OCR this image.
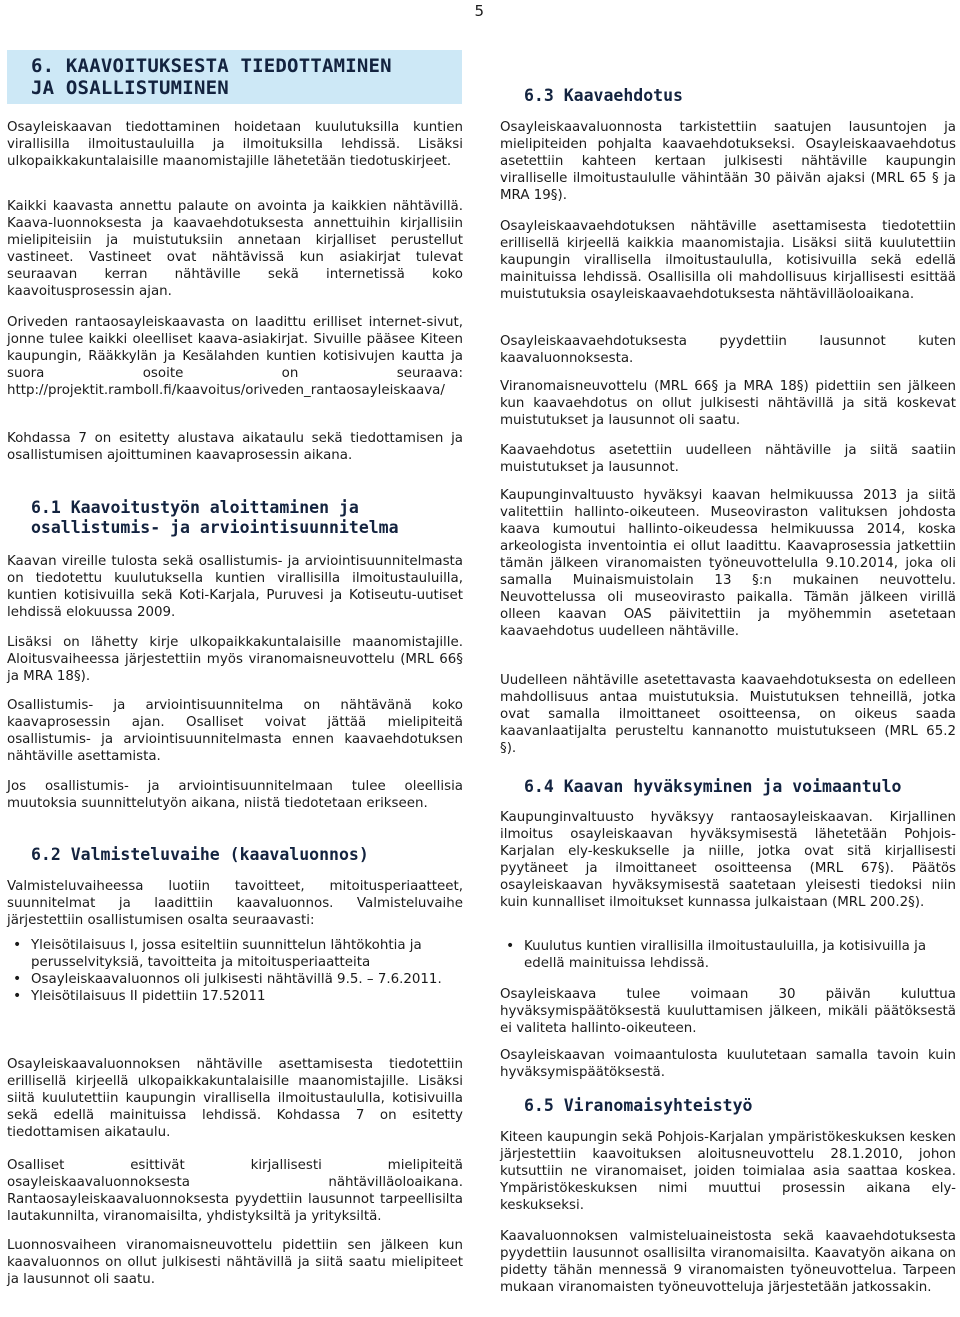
5
6. KAAVOITUKSESTA TIEDOTTAMINEN
JA OSALLISTUMINEN

Osayleiskaavan tiedottaminen hoidetaan kuulutuksilla kuntien virallisilla ilmoitustauluilla ja ilmoituksilla lehdissä. Lisäksi ulkopaikkakuntalaisille maanomistajille lähetetään tiedotuskirjeet.

Kaikki kaavasta annettu palaute on avointa ja kaikkien nähtävillä. Kaava-luonnoksesta ja kaavaehdotuksesta annettuihin kirjallisiin mielipiteisiin ja muistutuksiin annetaan kirjalliset perustellut vastineet. Vastineet ovat nähtävissä kun asiakirjat tulevat seuraavan kerran nähtäville sekä internetissä koko kaavoitusprosessin ajan.

Oriveden rantaosayleiskaavasta on laadittu erilliset internet-sivut, jonne tulee kaikki oleelliset kaava-asiakirjat. Sivuille pääsee Kiteen kaupungin, Rääkkylän ja Kesälahden kuntien kotisivujen kautta ja suora osoite on seuraava: http://projektit.ramboll.fi/kaavoitus/oriveden_rantaosayleiskaava/

Kohdassa 7 on esitetty alustava aikataulu sekä tiedottamisen ja osallistumisen ajoittuminen kaavaprosessin aikana.

6.1 Kaavoitustyön aloittaminen ja osallistumis- ja arviointisuunnitelma

Kaavan vireille tulosta sekä osallistumis- ja arviointisuunnitelmasta on tiedotettu kuulutuksella kuntien virallisilla ilmoitustauluilla, kuntien kotisivuilla sekä Koti-Karjala, Puruvesi ja Kotiseutu-uutiset lehdissä elokuussa 2009.

Lisäksi on lähetty kirje ulkopaikkakuntalaisille maanomistajille. Aloitusvaiheessa järjestettiin myös viranomaisneuvottelu (MRL 66§ ja MRA 18§).

Osallistumis- ja arviointisuunnitelma on nähtävänä koko kaavaprosessin ajan. Osalliset voivat jättää mielipiteitä osallistumis- ja arviointisuunnitelmasta ennen kaavaehdotuksen nähtäville asettamista.

Jos osallistumis- ja arviointisuunnitelmaan tulee oleellisia muutoksia suunnittelutyön aikana, niistä tiedotetaan erikseen.

6.2 Valmisteluvaihe (kaavaluonnos)

Valmisteluvaiheessa luotiin tavoitteet, mitoitusperiaatteet, suunnitelmat ja laadittiin kaavaluonnos. Valmisteluvaihe järjestettiin osallistumisen osalta seuraavasti:

• Yleisötilaisuus I, jossa esiteltiin suunnittelun lähtökohtia ja perusselvityksiä, tavoitteita ja mitoitusperiaatteita
• Osayleiskaavaluonnos oli julkisesti nähtävillä 9.5. – 7.6.2011.
• Yleisötilaisuus II pidettiin 17.52011

Osayleiskaavaluonnoksen nähtäville asettamisesta tiedotettiin erillisellä kirjeellä ulkopaikkakuntalaisille maanomistajille. Lisäksi siitä kuulutettiin kaupungin virallisella ilmoitustaululla, kotisivuilla sekä edellä mainituissa lehdissä. Kohdassa 7 on esitetty tiedottamisen aikataulu.

Osalliset esittivät kirjallisesti mielipiteitä osayleiskaavaluonnoksesta nähtävilläoloaikana. Rantaosayleiskaavaluonnoksesta pyydettiin lausunnot tarpeellisilta lautakunnilta, viranomaisilta, yhdistyksiltä ja yrityksiltä.

Luonnosvaiheen viranomaisneuvottelu pidettiin sen jälkeen kun kaavaluonnos on ollut julkisesti nähtävillä ja siitä saatu mielipiteet ja lausunnot oli saatu.

6.3 Kaavaehdotus

Osayleiskaavaluonnosta tarkistettiin saatujen lausuntojen ja mielipiteiden pohjalta kaavaehdotukseksi. Osayleiskaavaehdotus asetettiin kahteen kertaan julkisesti nähtäville kaupungin viralliselle ilmoitustaululle vähintään 30 päivän ajaksi (MRL 65 § ja MRA 19§).

Osayleiskaavaehdotuksen nähtäville asettamisesta tiedotettiin erillisellä kirjeellä kaikkia maanomistajia. Lisäksi siitä kuulutettiin kaupungin virallisella ilmoitustaululla, kotisivuilla sekä edellä mainituissa lehdissä. Osallisilla oli mahdollisuus kirjallisesti esittää muistutuksia osayleiskaavaehdotuksesta nähtävilläoloaikana.

Osayleiskaavaehdotuksesta pyydettiin lausunnot kuten kaavaluonnoksesta.

Viranomaisneuvottelu (MRL 66§ ja MRA 18§) pidettiin sen jälkeen kun kaavaehdotus on ollut julkisesti nähtävillä ja sitä koskevat muistutukset ja lausunnot oli saatu.

Kaavaehdotus asetettiin uudelleen nähtäville ja siitä saatiin muistutukset ja lausunnot.

Kaupunginvaltuusto hyväksyi kaavan helmikuussa 2013 ja siitä valitettiin hallinto-oikeuteen. Museoviraston valituksen johdosta kaava kumoutui hallinto-oikeudessa helmikuussa 2014, koska arkeologista inventointia ei ollut laadittu. Kaavaprosessia jatkettiin tämän jälkeen viranomaisten työneuvottelulla 9.10.2014, joka oli samalla Muinaismuistolain 13 §:n mukainen neuvottelu. Neuvottelussa oli museovirasto paikalla. Tämän jälkeen virillä olleen kaavan OAS päivitettiin ja myöhemmin asetetaan kaavaehdotus uudelleen nähtäville.

Uudelleen nähtäville asetettavasta kaavaehdotuksesta on edelleen mahdollisuus antaa muistutuksia. Muistutuksen tehneillä, jotka ovat samalla ilmoittaneet osoitteensa, on oikeus saada kaavanlaatijalta perusteltu kannanotto muistutukseen (MRL 65.2 §).

6.4 Kaavan hyväksyminen ja voimaantulo

Kaupunginvaltuusto hyväksyy rantaosayleiskaavan. Kirjallinen ilmoitus osayleiskaavan hyväksymisestä lähetetään Pohjois-Karjalan ely-keskukselle ja niille, jotka ovat sitä kirjallisesti pyytäneet ja ilmoittaneet osoitteensa (MRL 67§). Päätös osayleiskaavan hyväksymisestä saatetaan yleisesti tiedoksi niin kuin kunnalliset ilmoitukset kunnassa julkaistaan (MRL 200.2§).

• Kuulutus kuntien virallisilla ilmoitustauluilla, ja kotisivuilla ja edellä mainituissa lehdissä.

Osayleiskaava tulee voimaan 30 päivän kuluttua hyväksymispäätöksestä kuuluttamisen jälkeen, mikäli päätöksestä ei valiteta hallinto-oikeuteen.

Osayleiskaavan voimaantulosta kuulutetaan samalla tavoin kuin hyväksymispäätöksestä.

6.5 Viranomaisyhteistyö

Kiteen kaupungin sekä Pohjois-Karjalan ympäristökeskuksen kesken järjestettiin kaavoituksen aloitusneuvottelu 28.1.2010, johon kutsuttiin ne viranomaiset, joiden toimialaa asia saattaa koskea. Ympäristökeskuksen nimi muuttui prosessin aikana ely-keskukseksi.

Kaavaluonnoksen valmisteluaineistosta sekä kaavaehdotuksesta pyydettiin lausunnot osallisilta viranomaisilta. Kaavatyön aikana on pidetty tähän mennessä 9 viranomaisten työneuvottelua. Tarpeen mukaan viranomaisten työneuvotteluja järjestetään jatkossakin.
